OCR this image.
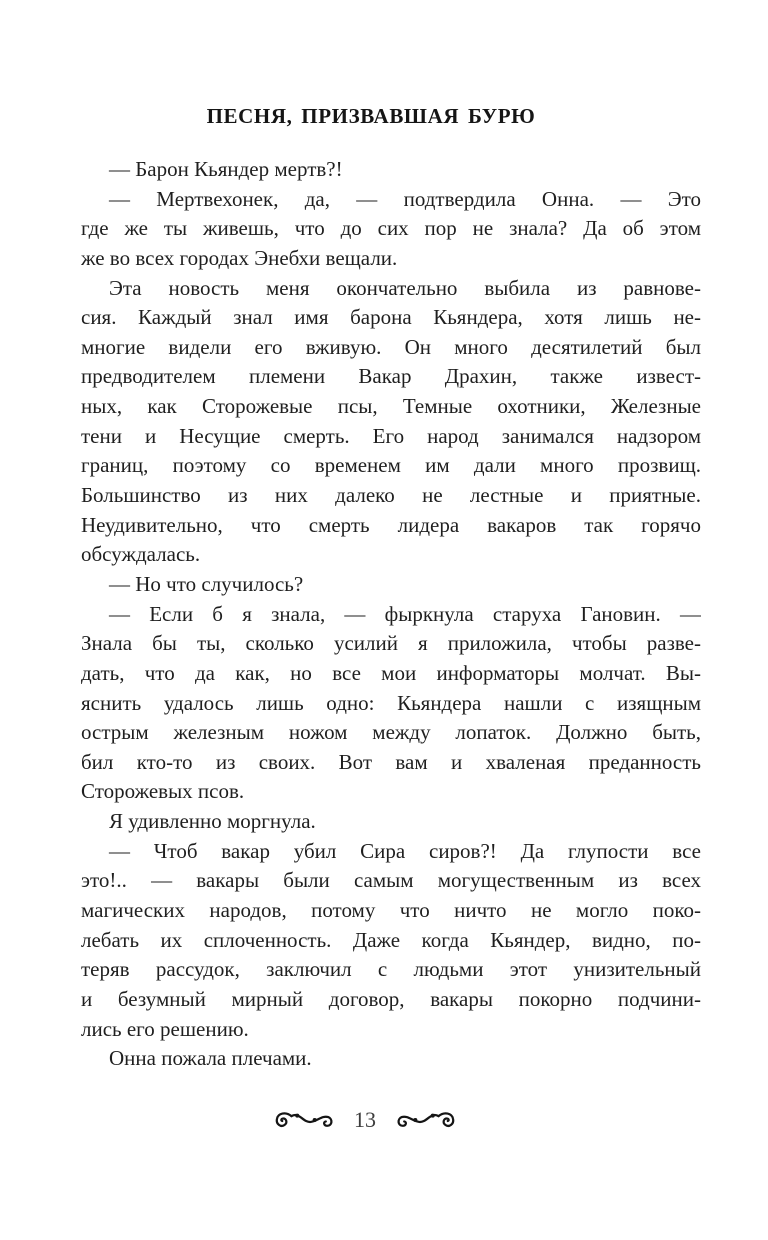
ПЕСНЯ, ПРИЗВАВШАЯ БУРЮ
— Барон Кьяндер мертв?!
— Мертвехонек, да, — подтвердила Онна. — Это
где же ты живешь, что до сих пор не знала? Да об этом
же во всех городах Энебхи вещали.
Эта новость меня окончательно выбила из равнове-
сия. Каждый знал имя барона Кьяндера, хотя лишь не-
многие видели его вживую. Он много десятилетий был
предводителем племени Вакар Драхин, также извест-
ных, как Сторожевые псы, Темные охотники, Железные
тени и Несущие смерть. Его народ занимался надзором
границ, поэтому со временем им дали много прозвищ.
Большинство из них далеко не лестные и приятные.
Неудивительно, что смерть лидера вакаров так горячо
обсуждалась.
— Но что случилось?
— Если б я знала, — фыркнула старуха Гановин. —
Знала бы ты, сколько усилий я приложила, чтобы разве-
дать, что да как, но все мои информаторы молчат. Вы-
яснить удалось лишь одно: Кьяндера нашли с изящным
острым железным ножом между лопаток. Должно быть,
бил кто-то из своих. Вот вам и хваленая преданность
Сторожевых псов.
Я удивленно моргнула.
— Чтоб вакар убил Сира сиров?! Да глупости все
это!.. — вакары были самым могущественным из всех
магических народов, потому что ничто не могло поко-
лебать их сплоченность. Даже когда Кьяндер, видно, по-
теряв рассудок, заключил с людьми этот унизительный
и безумный мирный договор, вакары покорно подчини-
лись его решению.
Онна пожала плечами.
13
